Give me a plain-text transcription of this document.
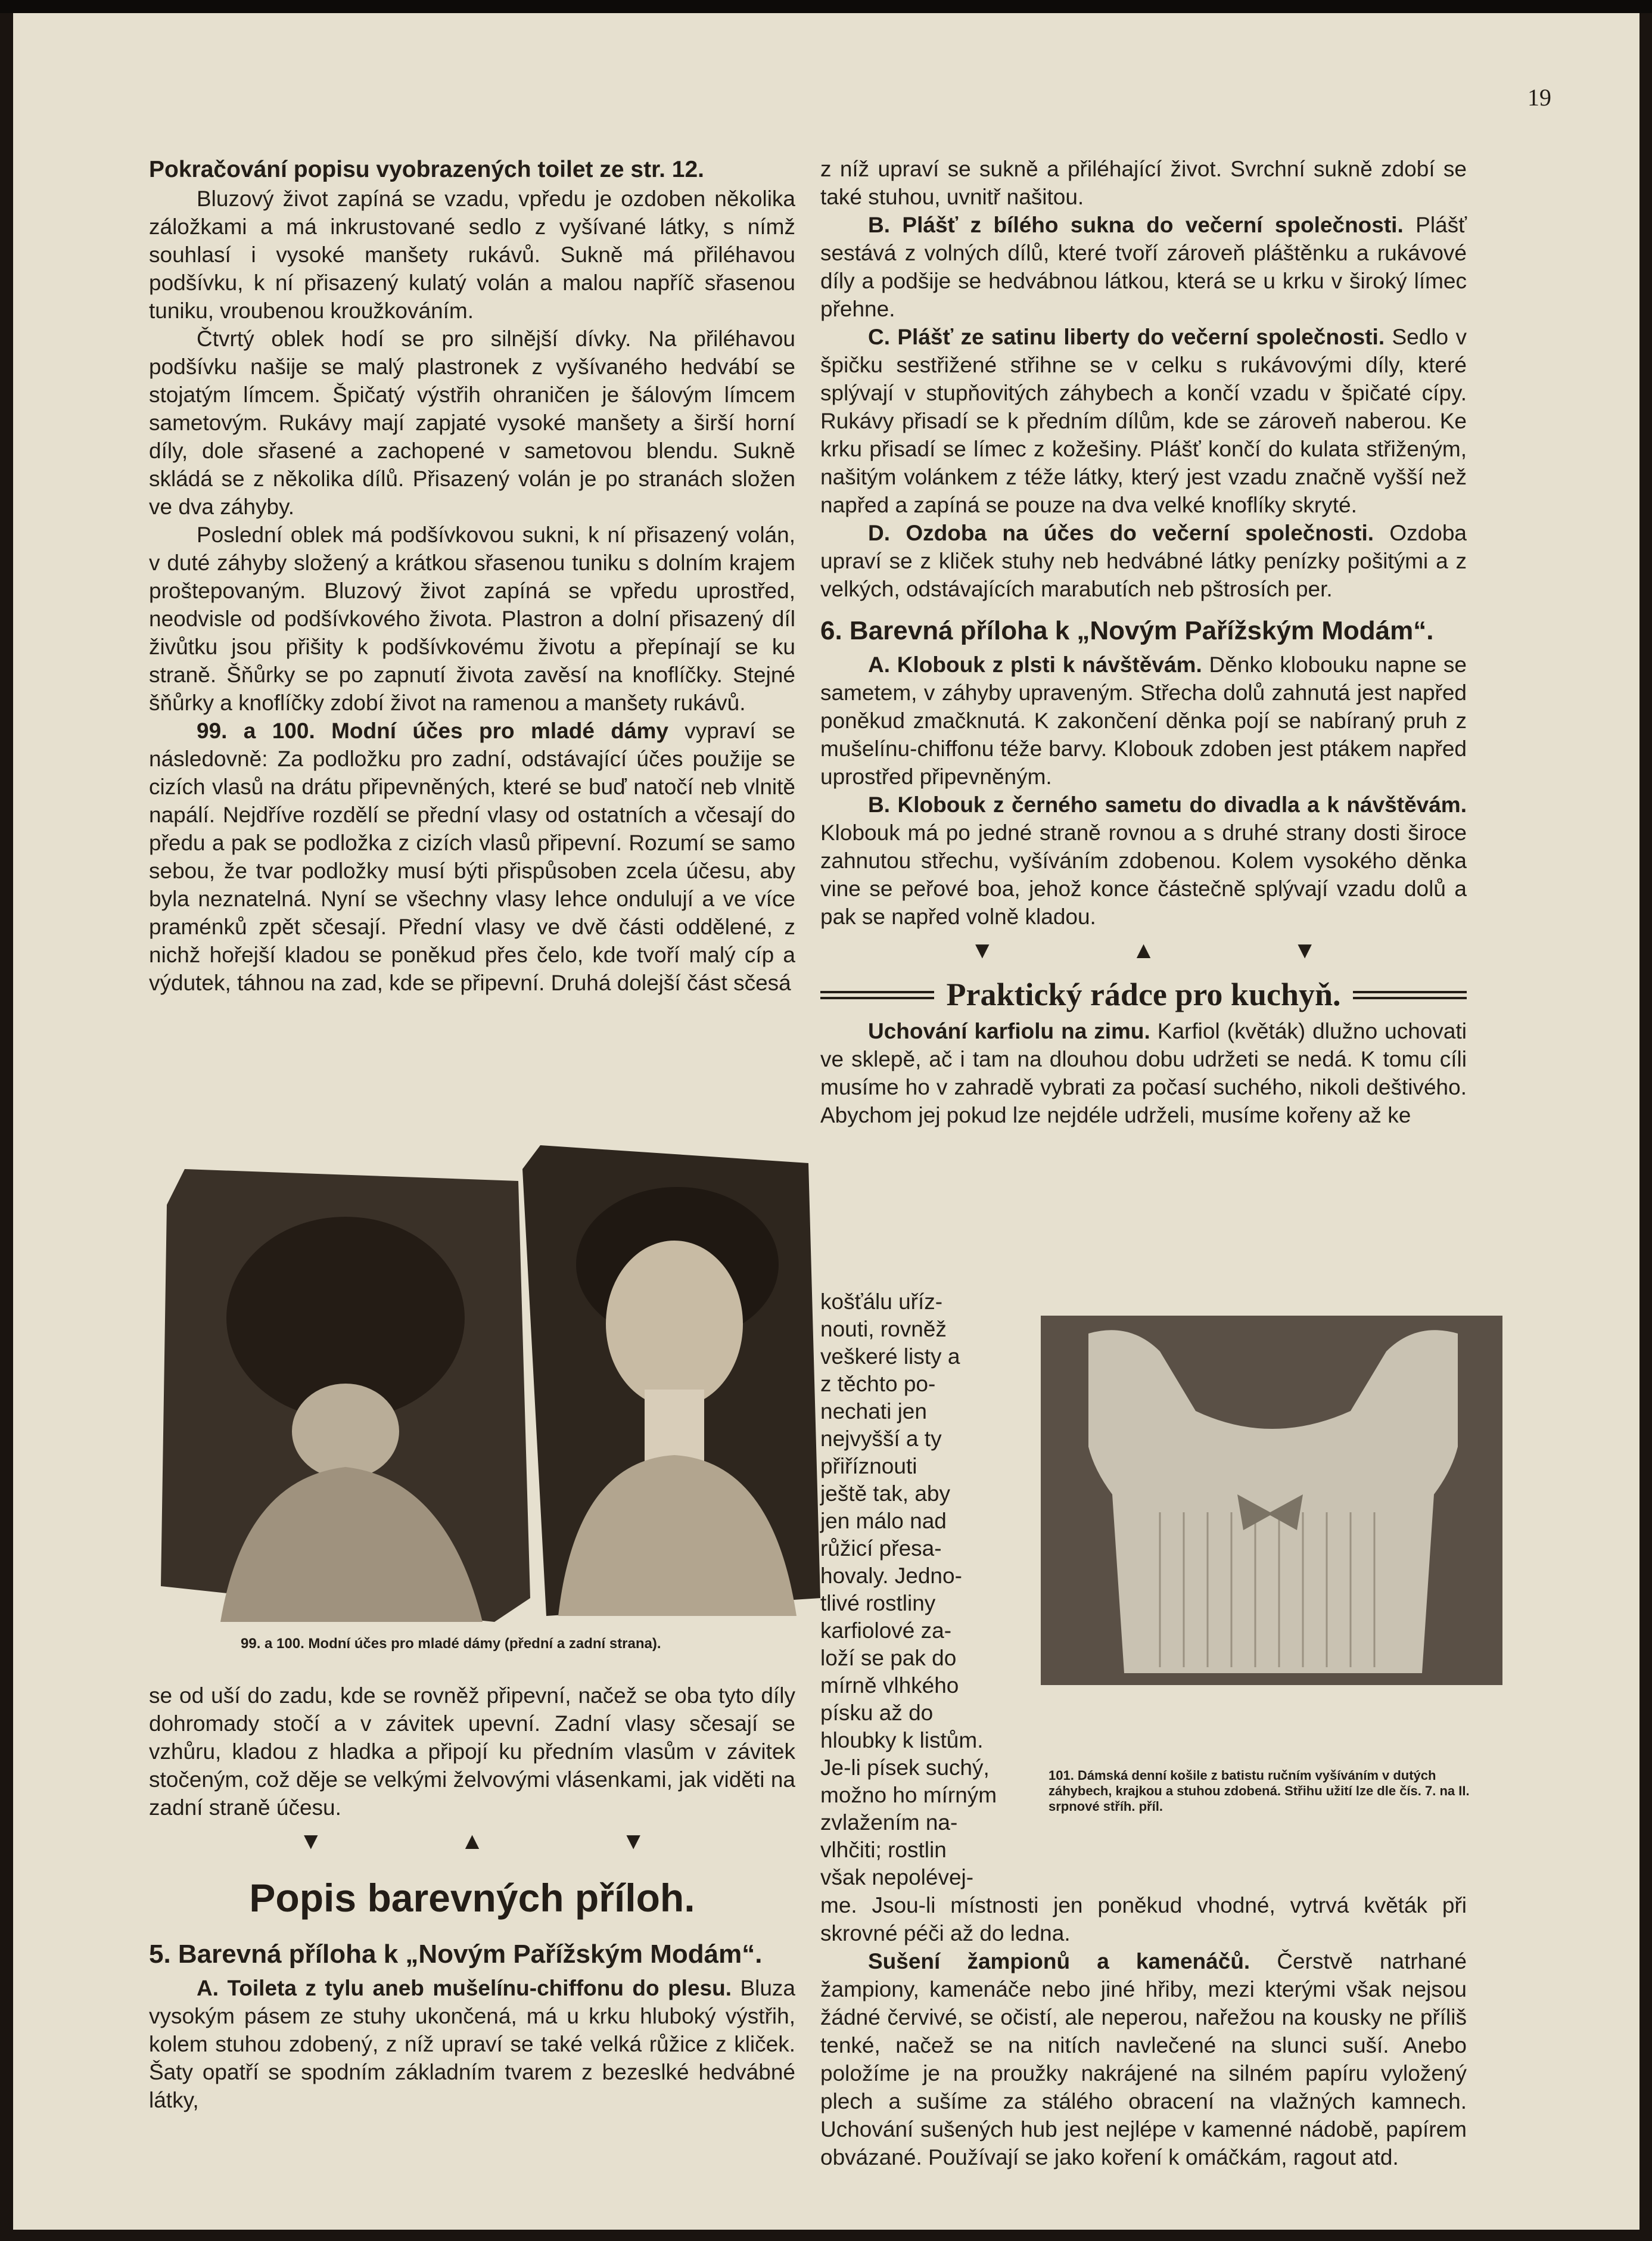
19
Pokračování popisu vyobrazených toilet ze str. 12.

Bluzový život zapíná se vzadu, vpředu je ozdoben několika záložkami a má inkrustované sedlo z vyšívané látky, s nímž souhlasí i vysoké manšety rukávů. Sukně má přiléhavou podšívku, k ní přisazený kulatý volán a malou napříč sřasenou tuniku, vroubenou kroužkováním.

Čtvrtý oblek hodí se pro silnější dívky. Na přiléhavou podšívku našije se malý plastronek z vyšívaného hedvábí se stojatým límcem. Špičatý výstřih ohraničen je šálovým límcem sametovým. Rukávy mají zapjaté vysoké manšety a širší horní díly, dole sřasené a zachopené v sametovou blendu. Sukně skládá se z několika dílů. Přisazený volán je po stranách složen ve dva záhyby.

Poslední oblek má podšívkovou sukni, k ní přisazený volán, v duté záhyby složený a krátkou sřasenou tuniku s dolním krajem proštepovaným. Bluzový život zapíná se vpředu uprostřed, neodvisle od podšívkového života. Plastron a dolní přisazený díl živůtku jsou přišity k podšívkovému životu a přepínají se ku straně. Šňůrky se po zapnutí života zavěsí na knoflíčky. Stejné šňůrky a knoflíčky zdobí život na ramenou a manšety rukávů.

99. a 100. Modní účes pro mladé dámy vypraví se následovně: Za podložku pro zadní, odstávající účes použije se cizích vlasů na drátu připevněných, které se buď natočí neb vlnitě napálí. Nejdříve rozdělí se přední vlasy od ostatních a včesají do předu a pak se podložka z cizích vlasů připevní. Rozumí se samo sebou, že tvar podložky musí býti přispůsoben zcela účesu, aby byla neznatelná. Nyní se všechny vlasy lehce ondulují a ve více praménků zpět sčesají. Přední vlasy ve dvě části oddělené, z nichž hořejší kladou se poněkud přes čelo, kde tvoří malý cíp a výdutek, táhnou na zad, kde se připevní. Druhá dolejší část sčesá

99. a 100. Modní účes pro mladé dámy (přední a zadní strana).

se od uší do zadu, kde se rovněž připevní, načež se oba tyto díly dohromady stočí a v závitek upevní. Zadní vlasy sčesají se vzhůru, kladou z hladka a připojí ku předním vlasům v závitek stočeným, což děje se velkými želvovými vlásenkami, jak viděti na zadní straně účesu.

▼ ▲ ▼
Popis barevných příloh.
5. Barevná příloha k „Novým Pařížským Modám“.

A. Toileta z tylu aneb mušelínu-chiffonu do plesu. Bluza vysokým pásem ze stuhy ukončená, má u krku hluboký výstřih, kolem stuhou zdobený, z níž upraví se také velká růžice z kliček. Šaty opatří se spodním základním tvarem z bezeslké hedvábné látky,

z níž upraví se sukně a přiléhající život. Svrchní sukně zdobí se také stuhou, uvnitř našitou.

B. Plášť z bílého sukna do večerní společnosti. Plášť sestává z volných dílů, které tvoří zároveň pláštěnku a rukávové díly a podšije se hedvábnou látkou, která se u krku v široký límec přehne.

C. Plášť ze satinu liberty do večerní společnosti. Sedlo v špičku sestřižené střihne se v celku s rukávovými díly, které splývají v stupňovitých záhybech a končí vzadu v špičaté cípy. Rukávy přisadí se k předním dílům, kde se zároveň naberou. Ke krku přisadí se límec z kožešiny. Plášť končí do kulata střiženým, našitým volánkem z téže látky, který jest vzadu značně vyšší než napřed a zapíná se pouze na dva velké knoflíky skryté.

D. Ozdoba na účes do večerní společnosti. Ozdoba upraví se z kliček stuhy neb hedvábné látky penízky pošitými a z velkých, odstávajících marabutích neb pštrosích per.

6. Barevná příloha k „Novým Pařížským Modám“.

A. Klobouk z plsti k návštěvám. Děnko klobouku napne se sametem, v záhyby upraveným. Střecha dolů zahnutá jest napřed poněkud zmačknutá. K zakončení děnka pojí se nabíraný pruh z mušelínu-chiffonu téže barvy. Klobouk zdoben jest ptákem napřed uprostřed připevněným.

B. Klobouk z černého sametu do divadla a k návštěvám. Klobouk má po jedné straně rovnou a s druhé strany dosti široce zahnutou střechu, vyšíváním zdobenou. Kolem vysokého děnka vine se peřové boa, jehož konce částečně splývají vzadu dolů a pak se napřed volně kladou.

▼ ▲ ▼
Praktický rádce pro kuchyň.

Uchování karfiolu na zimu. Karfiol (květák) dlužno uchovati ve sklepě, ač i tam na dlouhou dobu udržeti se nedá. K tomu cíli musíme ho v zahradě vybrati za počasí suchého, nikoli deštivého. Abychom jej pokud lze nejdéle udrželi, musíme kořeny až ke

košťálu uříz-
nouti, rovněž
veškeré listy a
z těchto po-
nechati jen
nejvyšší a ty
přiříznouti
ještě tak, aby
jen málo nad
růžicí přesa-
hovaly. Jedno-
tlivé rostliny
karfiolové za-
loží se pak do
mírně vlhkého
písku až do
hloubky k listům.
Je-li písek suchý,
možno ho mírným
zvlažením na-
vlhčiti; rostlin
však nepolévej-
101. Dámská denní košile z batistu ručním vyšíváním v dutých záhybech, krajkou a stuhou zdobená. Střihu užití lze dle čís. 7. na II. srpnové stříh. příl.

me. Jsou-li místnosti jen poněkud vhodné, vytrvá květák při skrovné péči až do ledna.

Sušení žampionů a kamenáčů. Čerstvě natrhané žampiony, kamenáče nebo jiné hřiby, mezi kterými však nejsou žádné červivé, se očistí, ale neperou, nařežou na kousky ne příliš tenké, načež se na nitích navlečené na slunci suší. Anebo položíme je na proužky nakrájené na silném papíru vyložený plech a sušíme za stálého obracení na vlažných kamnech. Uchování sušených hub jest nejlépe v kamenné nádobě, papírem obvázané. Používají se jako koření k omáčkám, ragout atd.
